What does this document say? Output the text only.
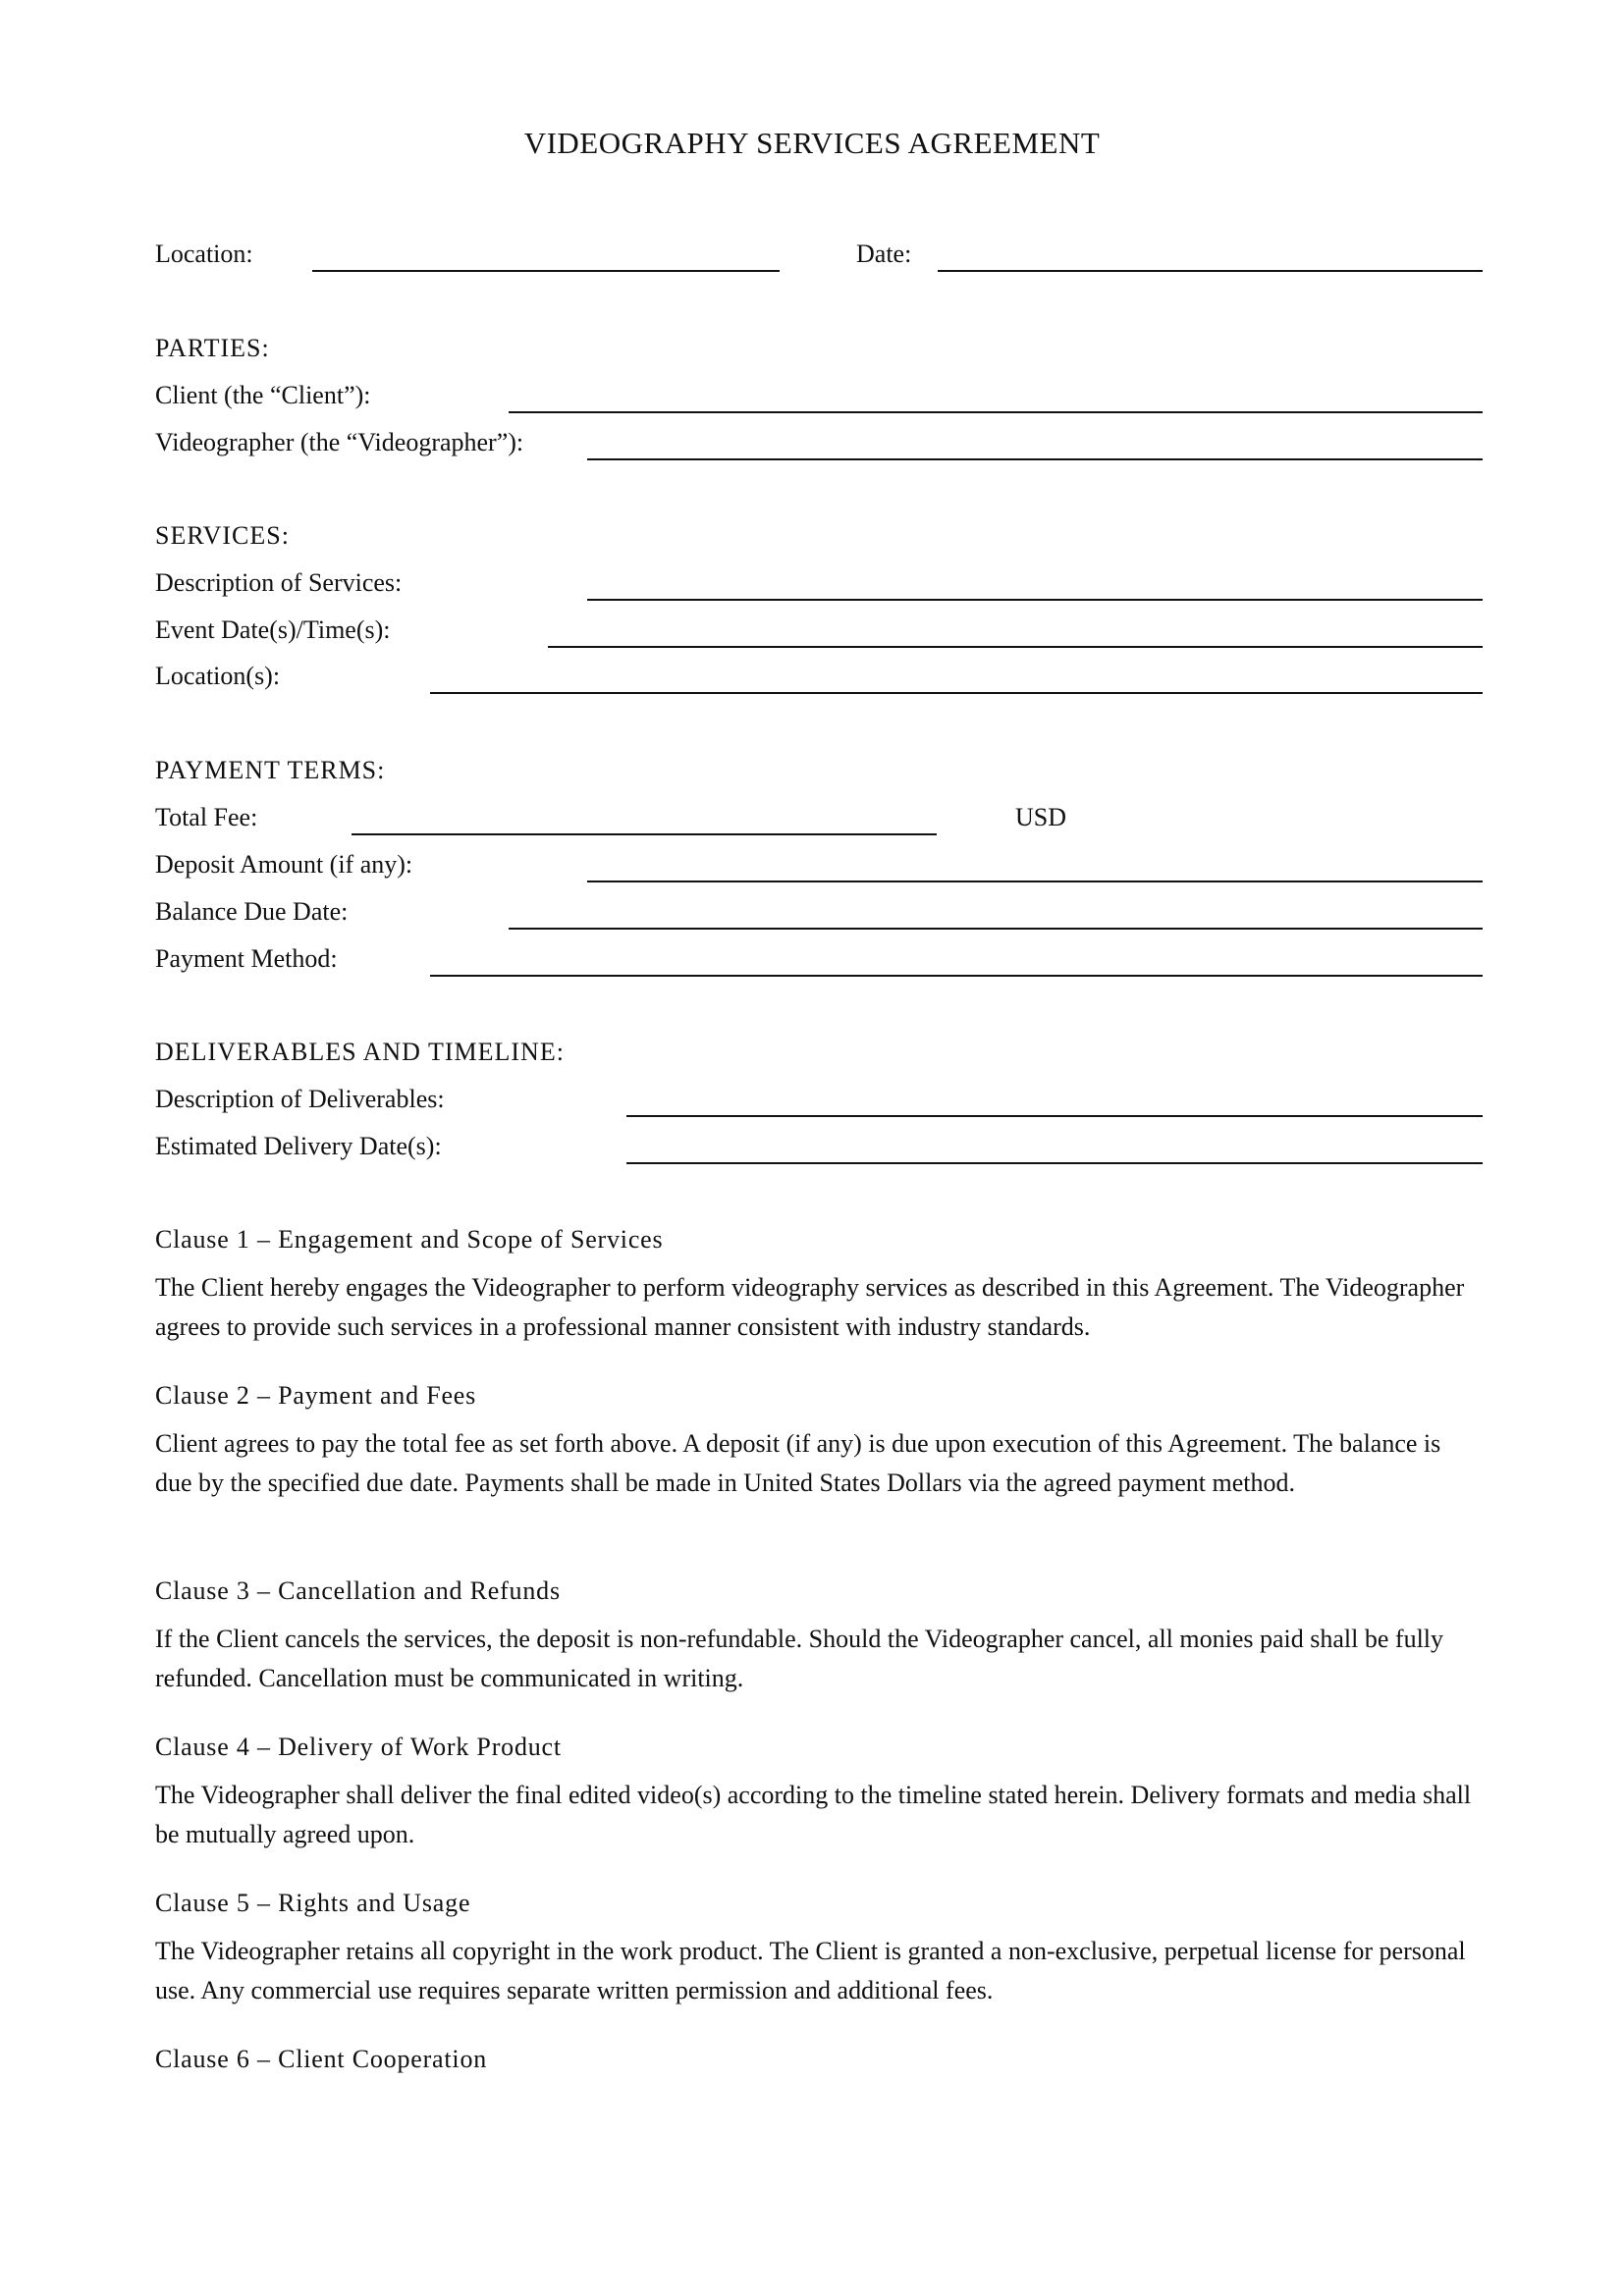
VIDEOGRAPHY SERVICES AGREEMENT
Location:	Date:
PARTIES:
Client (the “Client”):
Videographer (the “Videographer”):
SERVICES:
Description of Services:
Event Date(s)/Time(s):
Location(s):
PAYMENT TERMS:
Total Fee:	USD
Deposit Amount (if any):
Balance Due Date:
Payment Method:
DELIVERABLES AND TIMELINE:
Description of Deliverables:
Estimated Delivery Date(s):
Clause 1 – Engagement and Scope of Services
The Client hereby engages the Videographer to perform videography services as described in this Agreement. The Videographer agrees to provide such services in a professional manner consistent with industry standards.
Clause 2 – Payment and Fees
Client agrees to pay the total fee as set forth above. A deposit (if any) is due upon execution of this Agreement. The balance is due by the specified due date. Payments shall be made in United States Dollars via the agreed payment method.
Clause 3 – Cancellation and Refunds
If the Client cancels the services, the deposit is non-refundable. Should the Videographer cancel, all monies paid shall be fully refunded. Cancellation must be communicated in writing.
Clause 4 – Delivery of Work Product
The Videographer shall deliver the final edited video(s) according to the timeline stated herein. Delivery formats and media shall be mutually agreed upon.
Clause 5 – Rights and Usage
The Videographer retains all copyright in the work product. The Client is granted a non-exclusive, perpetual license for personal use. Any commercial use requires separate written permission and additional fees.
Clause 6 – Client Cooperation
